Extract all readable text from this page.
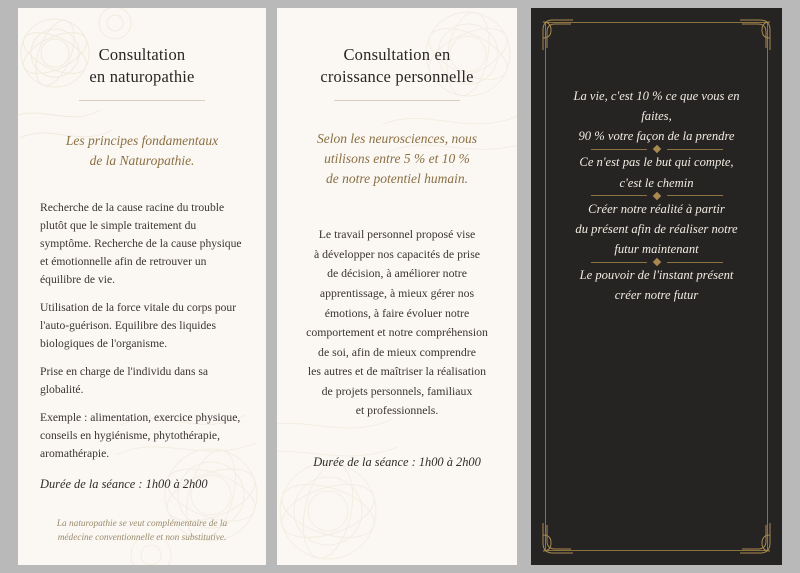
Consultation
en naturopathie
Les principes fondamentaux
de la Naturopathie.

Recherche de la cause racine du trouble plutôt que le simple traitement du symptôme. Recherche de la cause physique et émotionnelle afin de retrouver un équilibre de vie.

Utilisation de la force vitale du corps pour l'auto-guérison. Equilibre des liquides biologiques de l'organisme.

Prise en charge de l'individu dans sa globalité.

Exemple : alimentation, exercice physique, conseils en hygiénisme, phytothérapie, aromathérapie.

Durée de la séance : 1h00 à 2h00
La naturopathie se veut complémentaire de la médecine conventionnelle et non substitutive.
Consultation en
croissance personnelle
Selon les neurosciences, nous
utilisons entre 5 % et 10 %
de notre potentiel humain.
Le travail personnel proposé vise
à développer nos capacités de prise
de décision, à améliorer notre
apprentissage, à mieux gérer nos
émotions, à faire évoluer notre
comportement et notre compréhension
de soi, afin de mieux comprendre
les autres et de maîtriser la réalisation
de projets personnels, familiaux
et professionnels.
Durée de la séance : 1h00 à 2h00
La vie, c'est 10 % ce que vous en faites,
90 % votre façon de la prendre
Ce n'est pas le but qui compte,
c'est le chemin
Créer notre réalité à partir
du présent afin de réaliser notre
futur maintenant
Le pouvoir de l'instant présent
créer notre futur
